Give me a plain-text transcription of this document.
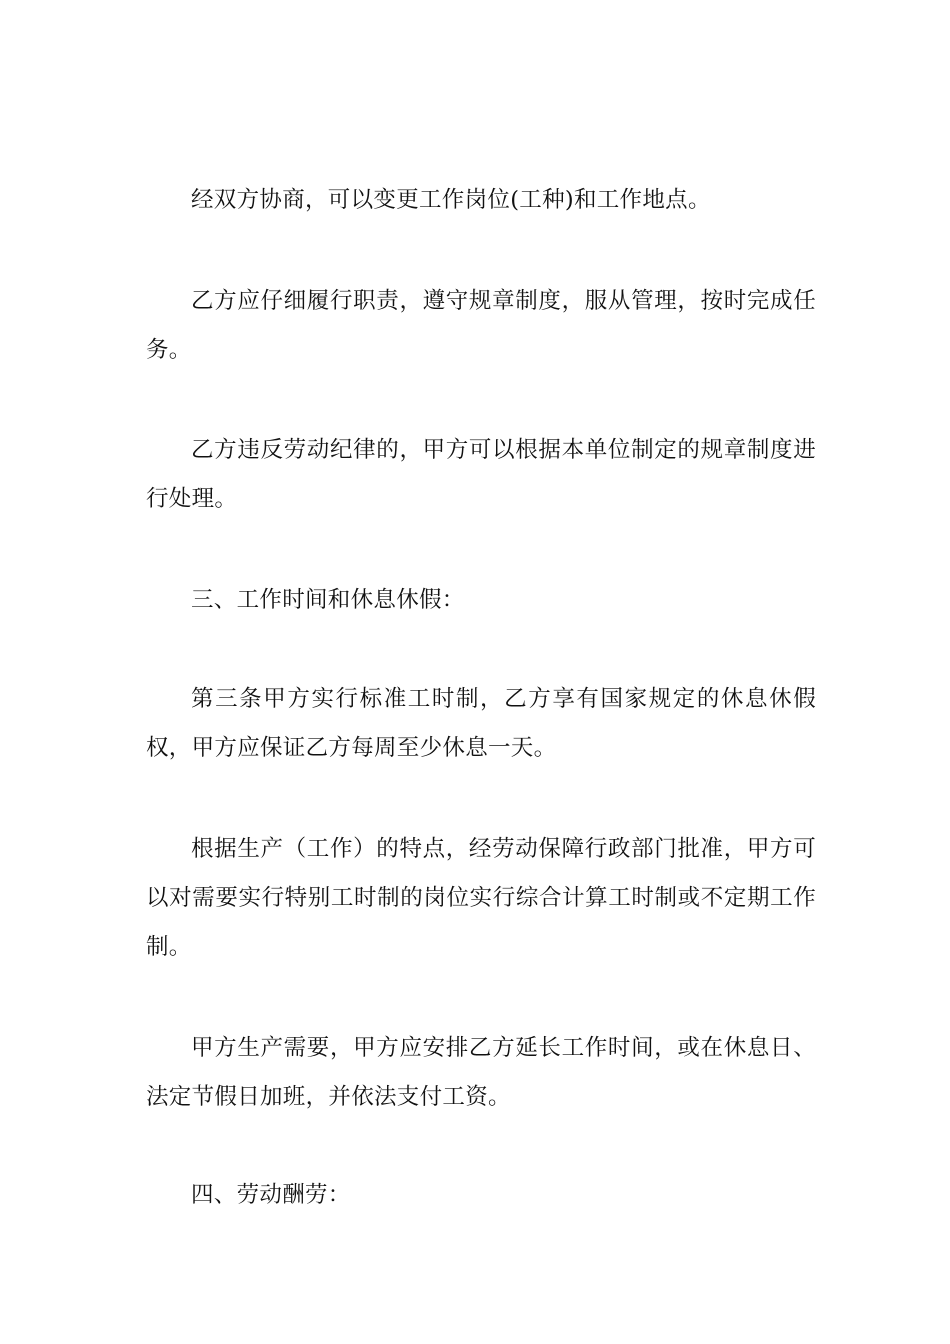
经双方协商，可以变更工作岗位(工种)和工作地点。

乙方应仔细履行职责，遵守规章制度，服从管理，按时完成任务。

乙方违反劳动纪律的，甲方可以根据本单位制定的规章制度进行处理。

三、工作时间和休息休假：

第三条甲方实行标准工时制，乙方享有国家规定的休息休假权，甲方应保证乙方每周至少休息一天。

根据生产（工作）的特点，经劳动保障行政部门批准，甲方可以对需要实行特别工时制的岗位实行综合计算工时制或不定期工作制。

甲方生产需要，甲方应安排乙方延长工作时间，或在休息日、法定节假日加班，并依法支付工资。

四、劳动酬劳：
